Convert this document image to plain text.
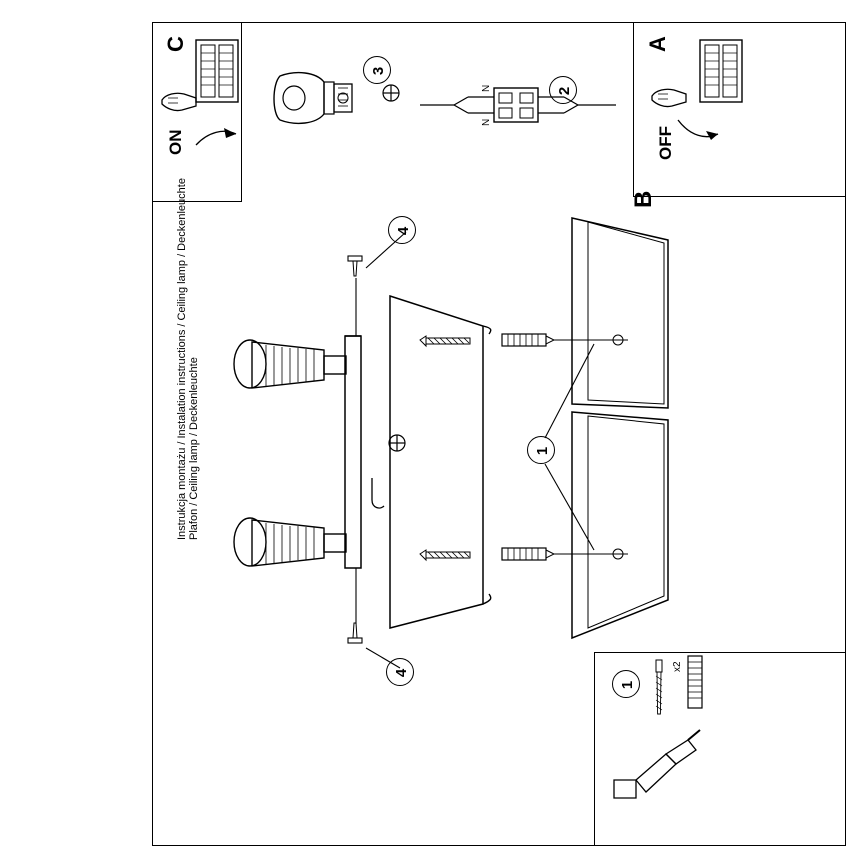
A
OFF
C
ON
3
N
N
2
B
4
4
1
1
x2
Instrukcja montażu / Instalation instructions / Ceiling lamp / Deckenleuchte Plafon / Ceiling lamp / Deckenleuchte
